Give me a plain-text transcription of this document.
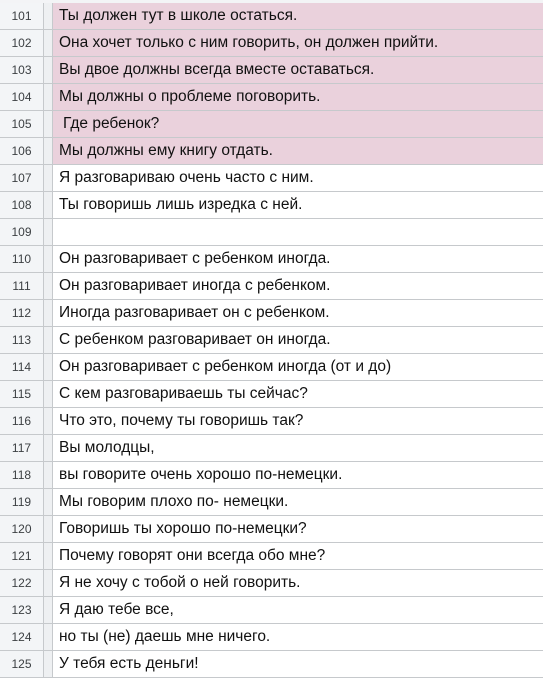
101	Ты должен тут в школе остаться.
102	Она хочет только с ним говорить, он должен прийти.
103	Вы двое должны всегда вместе оставаться.
104	Мы должны о проблеме поговорить.
105	Где ребенок?
106	Мы должны ему книгу отдать.
107	Я разговариваю очень часто с ним.
108	Ты говоришь лишь изредка с ней.
109
110	Он разговаривает с ребенком иногда.
111	Он разговаривает иногда с ребенком.
112	Иногда разговаривает он с ребенком.
113	С ребенком разговаривает он иногда.
114	Он разговаривает с ребенком иногда (от и до)
115	С кем разговариваешь ты сейчас?
116	Что это, почему ты говоришь так?
117	Вы молодцы,
118	вы говорите очень хорошо по-немецки.
119	Мы говорим плохо по- немецки.
120	Говоришь ты хорошо по-немецки?
121	Почему говорят они всегда обо мне?
122	Я не хочу с тобой о ней говорить.
123	Я даю тебе все,
124	но ты (не) даешь мне ничего.
125	У тебя есть деньги!
